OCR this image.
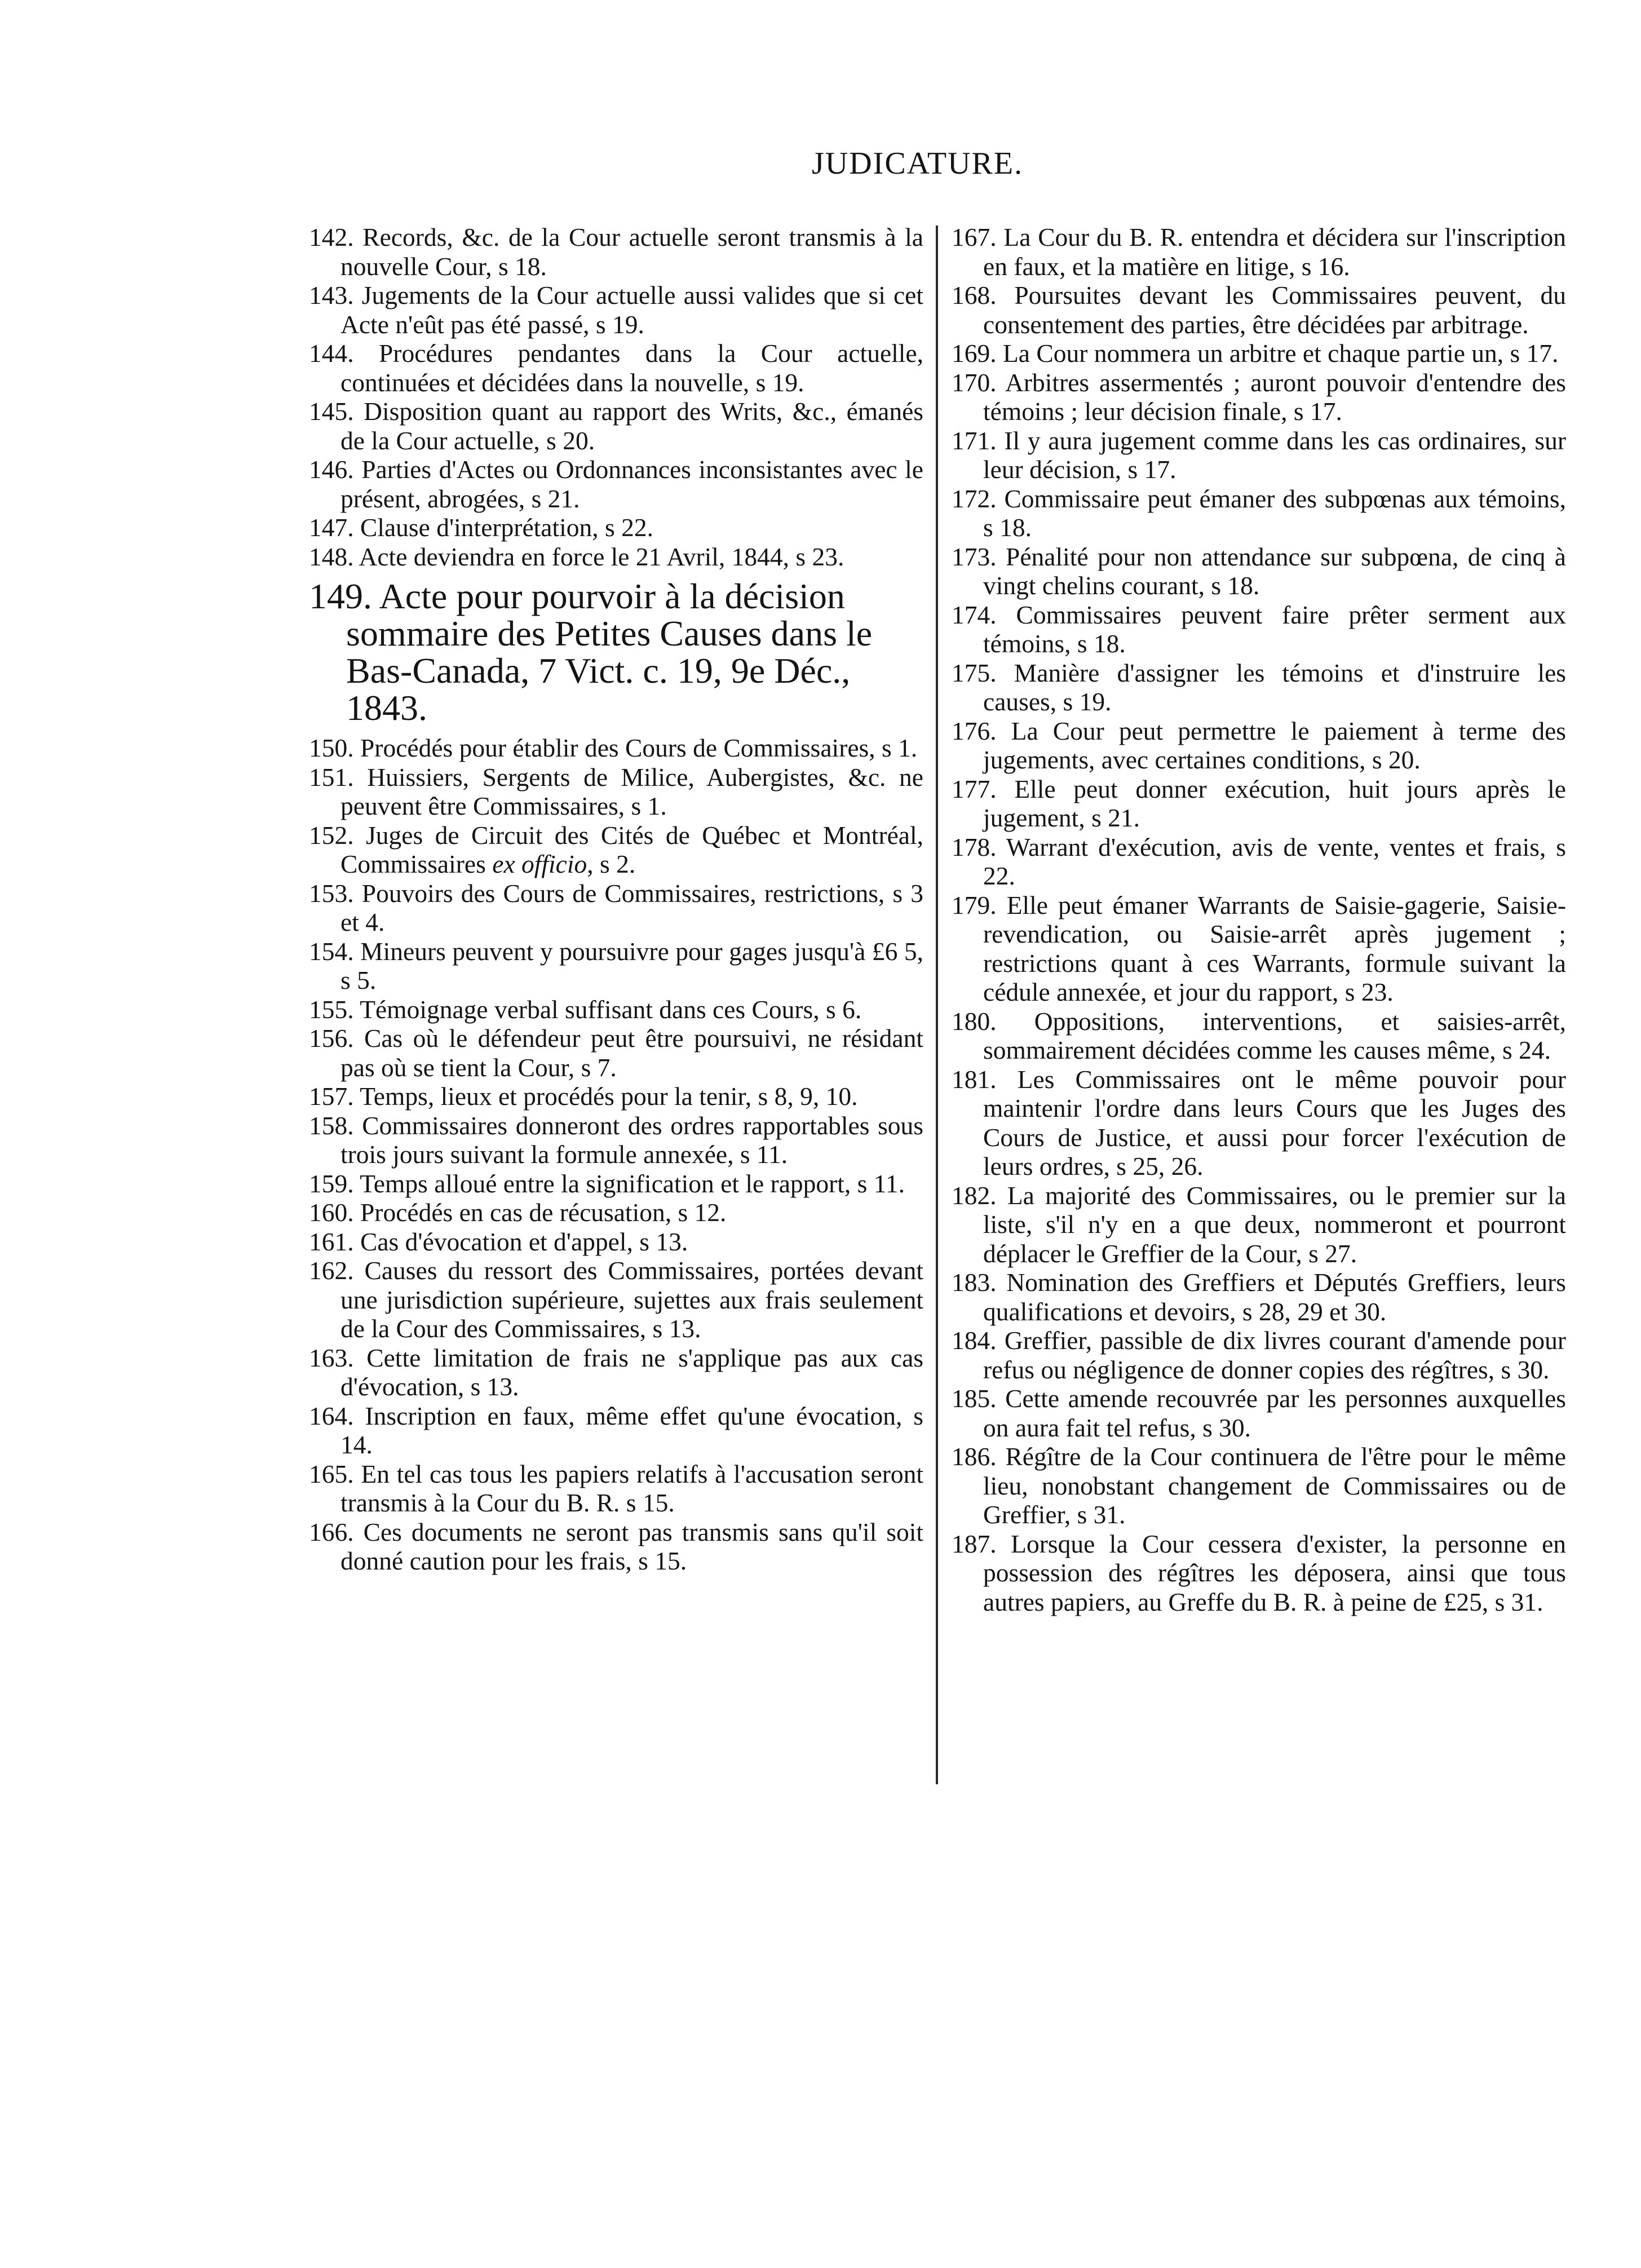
JUDICATURE.

142. Records, &c. de la Cour actuelle seront transmis à la nouvelle Cour, s 18.

143. Jugements de la Cour actuelle aussi valides que si cet Acte n'eût pas été passé, s 19.

144. Procédures pendantes dans la Cour actuelle, continuées et décidées dans la nouvelle, s 19.

145. Disposition quant au rapport des Writs, &c., émanés de la Cour actuelle, s 20.

146. Parties d'Actes ou Ordonnances inconsistantes avec le présent, abrogées, s 21.

147. Clause d'interprétation, s 22.

148. Acte deviendra en force le 21 Avril, 1844, s 23.

149. Acte pour pourvoir à la décision sommaire des Petites Causes dans le Bas-Canada, 7 Vict. c. 19, 9e Déc., 1843.

150. Procédés pour établir des Cours de Commissaires, s 1.

151. Huissiers, Sergents de Milice, Aubergistes, &c. ne peuvent être Commissaires, s 1.

152. Juges de Circuit des Cités de Québec et Montréal, Commissaires ex officio, s 2.

153. Pouvoirs des Cours de Commissaires, restrictions, s 3 et 4.

154. Mineurs peuvent y poursuivre pour gages jusqu'à £6 5, s 5.

155. Témoignage verbal suffisant dans ces Cours, s 6.

156. Cas où le défendeur peut être poursuivi, ne résidant pas où se tient la Cour, s 7.

157. Temps, lieux et procédés pour la tenir, s 8, 9, 10.

158. Commissaires donneront des ordres rapportables sous trois jours suivant la formule annexée, s 11.

159. Temps alloué entre la signification et le rapport, s 11.

160. Procédés en cas de récusation, s 12.

161. Cas d'évocation et d'appel, s 13.

162. Causes du ressort des Commissaires, portées devant une jurisdiction supérieure, sujettes aux frais seulement de la Cour des Commissaires, s 13.

163. Cette limitation de frais ne s'applique pas aux cas d'évocation, s 13.

164. Inscription en faux, même effet qu'une évocation, s 14.

165. En tel cas tous les papiers relatifs à l'accusation seront transmis à la Cour du B. R. s 15.

166. Ces documents ne seront pas transmis sans qu'il soit donné caution pour les frais, s 15.

167. La Cour du B. R. entendra et décidera sur l'inscription en faux, et la matière en litige, s 16.

168. Poursuites devant les Commissaires peuvent, du consentement des parties, être décidées par arbitrage.

169. La Cour nommera un arbitre et chaque partie un, s 17.

170. Arbitres assermentés ; auront pouvoir d'entendre des témoins ; leur décision finale, s 17.

171. Il y aura jugement comme dans les cas ordinaires, sur leur décision, s 17.

172. Commissaire peut émaner des subpœnas aux témoins, s 18.

173. Pénalité pour non attendance sur subpœna, de cinq à vingt chelins courant, s 18.

174. Commissaires peuvent faire prêter serment aux témoins, s 18.

175. Manière d'assigner les témoins et d'instruire les causes, s 19.

176. La Cour peut permettre le paiement à terme des jugements, avec certaines conditions, s 20.

177. Elle peut donner exécution, huit jours après le jugement, s 21.

178. Warrant d'exécution, avis de vente, ventes et frais, s 22.

179. Elle peut émaner Warrants de Saisie-gagerie, Saisie-revendication, ou Saisie-arrêt après jugement ; restrictions quant à ces Warrants, formule suivant la cédule annexée, et jour du rapport, s 23.

180. Oppositions, interventions, et saisies-arrêt, sommairement décidées comme les causes même, s 24.

181. Les Commissaires ont le même pouvoir pour maintenir l'ordre dans leurs Cours que les Juges des Cours de Justice, et aussi pour forcer l'exécution de leurs ordres, s 25, 26.

182. La majorité des Commissaires, ou le premier sur la liste, s'il n'y en a que deux, nommeront et pourront déplacer le Greffier de la Cour, s 27.

183. Nomination des Greffiers et Députés Greffiers, leurs qualifications et devoirs, s 28, 29 et 30.

184. Greffier, passible de dix livres courant d'amende pour refus ou négligence de donner copies des régîtres, s 30.

185. Cette amende recouvrée par les personnes auxquelles on aura fait tel refus, s 30.

186. Régître de la Cour continuera de l'être pour le même lieu, nonobstant changement de Commissaires ou de Greffier, s 31.

187. Lorsque la Cour cessera d'exister, la personne en possession des régîtres les déposera, ainsi que tous autres papiers, au Greffe du B. R. à peine de £25, s 31.
